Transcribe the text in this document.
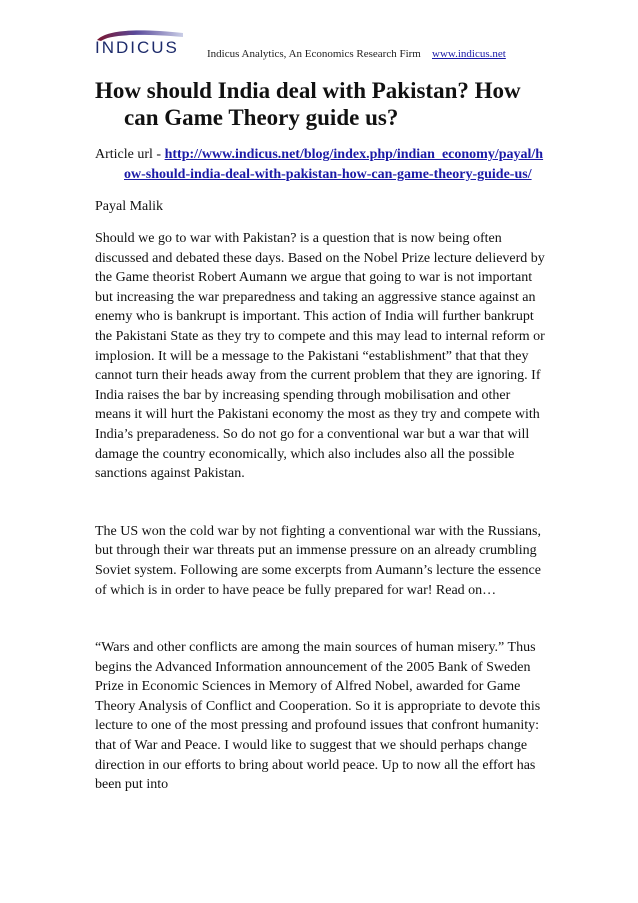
INDICUS	Indicus Analytics, An Economics Research Firm www.indicus.net
How should India deal with Pakistan? How can Game Theory guide us?
Article url - http://www.indicus.net/blog/index.php/indian_economy/payal/how-should-india-deal-with-pakistan-how-can-game-theory-guide-us/
Payal Malik

Should we go to war with Pakistan? is a question that is now being often discussed and debated these days. Based on the Nobel Prize lecture delieverd by the Game theorist Robert Aumann we argue that going to war is not important but increasing the war preparedness and taking an aggressive stance against an enemy who is bankrupt is important. This action of India will further bankrupt the Pakistani State as they try to compete and this may lead to internal reform or implosion. It will be a message to the Pakistani “establishment” that that they cannot turn their heads away from the current problem that they are ignoring. If India raises the bar by increasing spending through mobilisation and other means it will hurt the Pakistani economy the most as they try and compete with India’s preparadeness. So do not go for a conventional war but a war that will damage the country economically, which also includes also all the possible sanctions against Pakistan.

The US won the cold war by not fighting a conventional war with the Russians, but through their war threats put an immense pressure on an already crumbling Soviet system. Following are some excerpts from Aumann’s lecture the essence of which is in order to have peace be fully prepared for war! Read on…

“Wars and other conflicts are among the main sources of human misery.” Thus begins the Advanced Information announcement of the 2005 Bank of Sweden Prize in Economic Sciences in Memory of Alfred Nobel, awarded for Game Theory Analysis of Conflict and Cooperation. So it is appropriate to devote this lecture to one of the most pressing and profound issues that confront humanity: that of War and Peace. I would like to suggest that we should perhaps change direction in our efforts to bring about world peace. Up to now all the effort has been put into
